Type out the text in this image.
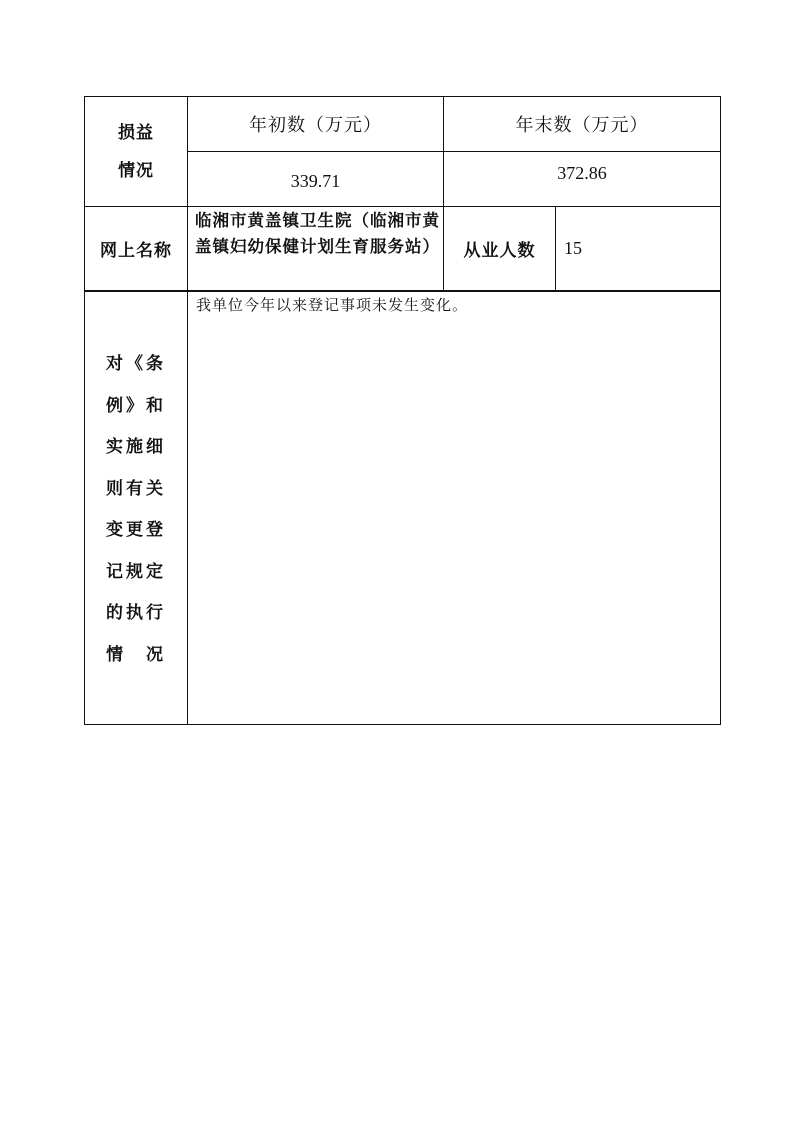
损益
情况
年初数（万元）	年末数（万元）
339.71	372.86
网上名称
临湘市黄盖镇卫生院（临湘市黄盖镇妇幼保健计划生育服务站） 从业人数 15
对《条
例》和
实施细
则有关
变更登
记规定
的执行
情　况
我单位今年以来登记事项未发生变化。
